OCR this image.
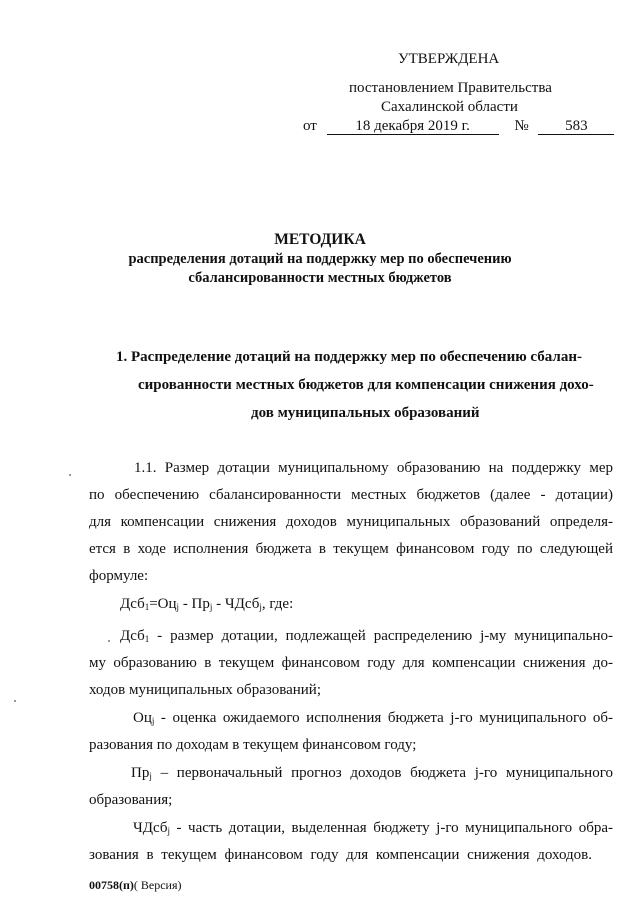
УТВЕРЖДЕНА
постановлением Правительства
Сахалинской области
от	18 декабря 2019 г.	№ 583
МЕТОДИКА
распределения дотаций на поддержку мер по обеспечению
сбалансированности местных бюджетов
1. Распределение дотаций на поддержку мер по обеспечению сбалан-
сированности местных бюджетов для компенсации снижения дохо-
дов муниципальных образований
1.1. Размер дотации муниципальному образованию на поддержку мер
по обеспечению сбалансированности местных бюджетов (далее - дотации)
для компенсации снижения доходов муниципальных образований определя-
ется в ходе исполнения бюджета в текущем финансовом году по следующей
формуле:
$Дсб_1=Оц_j - Пр_j$ - ЧДсб$_j$, где:
Дсб$_1$ - размер дотации, подлежащей распределению j-му муниципально-
му образованию в текущем финансовом году для компенсации снижения до-
ходов муниципальных образований;
$Оц_j$ - оценка ожидаемого исполнения бюджета j-го муниципального об-
разования по доходам в текущем финансовом году;
$Пр_j$ – первоначальный прогноз доходов бюджета j-го муниципального
образования;
ЧДсб$_j$ - часть дотации, выделенная бюджету j-го муниципального обра-
зования в текущем финансовом году для компенсации снижения доходов.
00758(п)( Версия)
